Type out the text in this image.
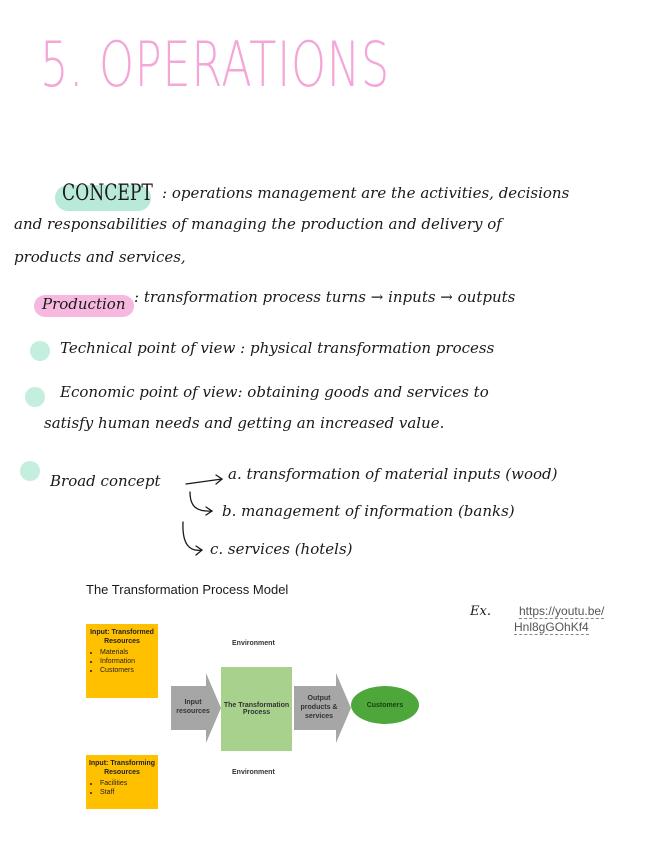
5. OPERATIONS
CONCEPT : operations management are the activities, decisions
and responsabilities of managing the production and delivery of
products and services,
Production : transformation process turns → inputs → outputs
Technical point of view : physical transformation process
Economic point of view: obtaining goods and services to
satisfy human needs and getting an increased value.
Broad concept	a. transformation of material inputs (wood)
b. management of information (banks)
c. services (hotels)
The Transformation Process Model
Input: Transformed Resources
• Materials
• Information
• Customers
Input: Transforming Resources
• Facilities
• Staff
Environment
Environment
Input resources
The Transformation Process
Output products & services
Customers
Ex. https://youtu.be/
Hnl8gGOhKf4
